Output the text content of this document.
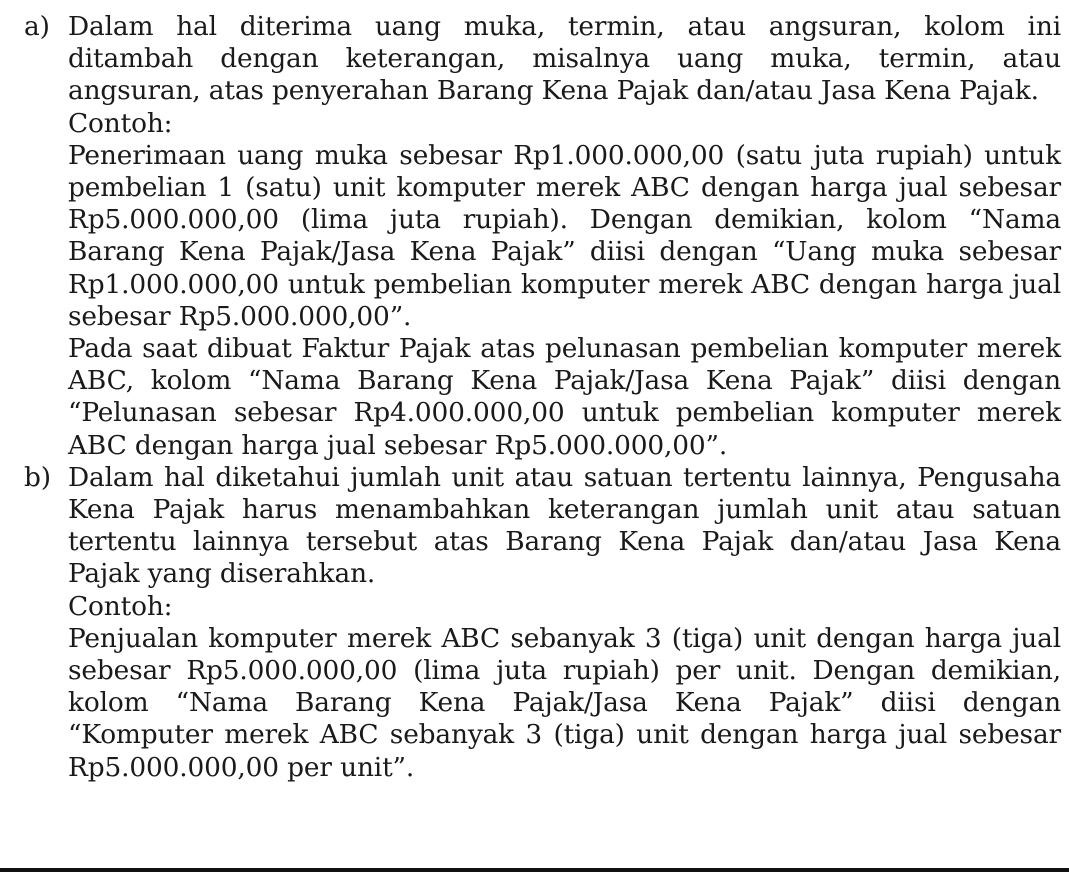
a) Dalam hal diterima uang muka, termin, atau angsuran, kolom ini ditambah dengan keterangan, misalnya uang muka, termin, atau angsuran, atas penyerahan Barang Kena Pajak dan/atau Jasa Kena Pajak.

Contoh:

Penerimaan uang muka sebesar Rp1.000.000,00 (satu juta rupiah) untuk pembelian 1 (satu) unit komputer merek ABC dengan harga jual sebesar Rp5.000.000,00 (lima juta rupiah). Dengan demikian, kolom “Nama Barang Kena Pajak/Jasa Kena Pajak” diisi dengan “Uang muka sebesar Rp1.000.000,00 untuk pembelian komputer merek ABC dengan harga jual sebesar Rp5.000.000,00”.

Pada saat dibuat Faktur Pajak atas pelunasan pembelian komputer merek ABC, kolom “Nama Barang Kena Pajak/Jasa Kena Pajak” diisi dengan “Pelunasan sebesar Rp4.000.000,00 untuk pembelian komputer merek ABC dengan harga jual sebesar Rp5.000.000,00”.

b) Dalam hal diketahui jumlah unit atau satuan tertentu lainnya, Pengusaha Kena Pajak harus menambahkan keterangan jumlah unit atau satuan tertentu lainnya tersebut atas Barang Kena Pajak dan/atau Jasa Kena Pajak yang diserahkan.

Contoh:

Penjualan komputer merek ABC sebanyak 3 (tiga) unit dengan harga jual sebesar Rp5.000.000,00 (lima juta rupiah) per unit. Dengan demikian, kolom “Nama Barang Kena Pajak/Jasa Kena Pajak” diisi dengan “Komputer merek ABC sebanyak 3 (tiga) unit dengan harga jual sebesar Rp5.000.000,00 per unit”.
